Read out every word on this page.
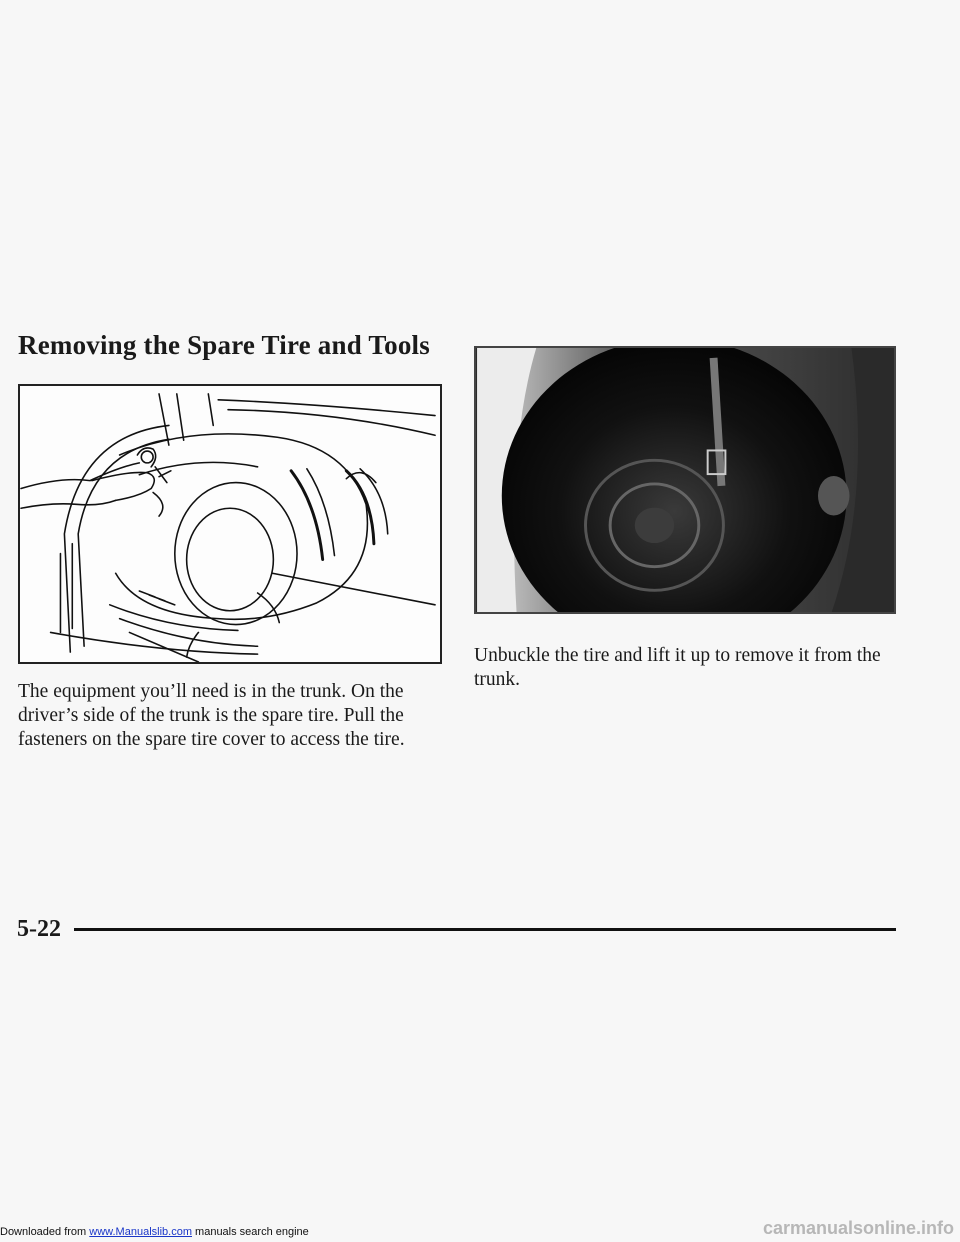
Removing the Spare Tire and Tools

The equipment you’ll need is in the trunk. On the driver’s side of the trunk is the spare tire. Pull the fasteners on the spare tire cover to access the tire.

Unbuckle the tire and lift it up to remove it from the trunk.

5-22
Downloaded from www.Manualslib.com manuals search engine	carmanualsonline.info
